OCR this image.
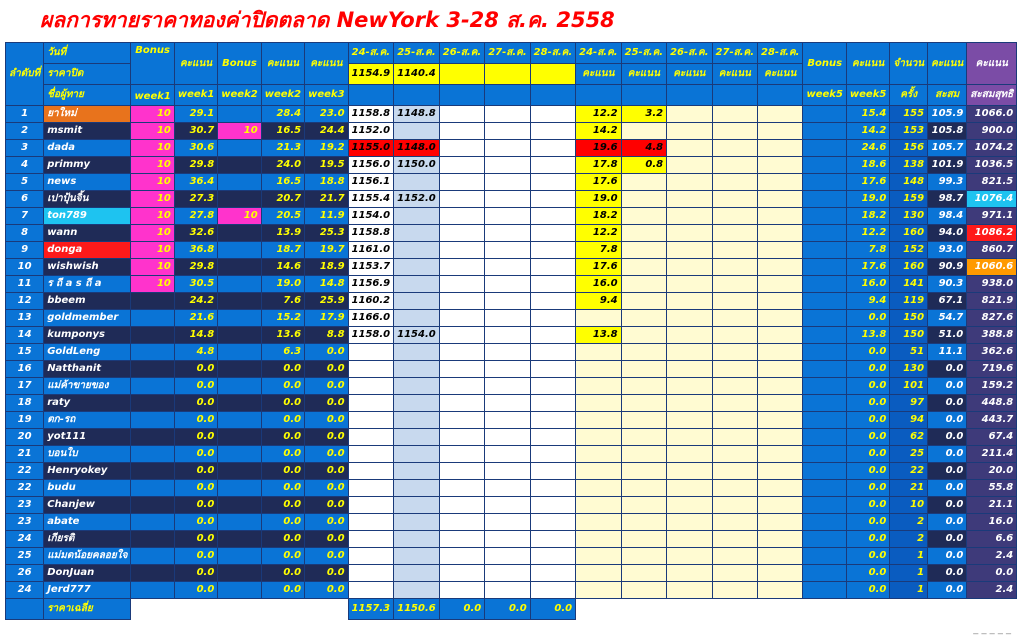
ผลการทายราคาทองค่าปิดตลาด NewYork 3-28 ส.ค. 2558
ลำดับที่	วันที่	Bonus	คะแนน	Bonus	คะแนน	คะแนน	24-ส.ค.	25-ส.ค.	26-ส.ค.	27-ส.ค.	28-ส.ค.	24-ส.ค.	25-ส.ค.	26-ส.ค.	27-ส.ค.	28-ส.ค.	Bonus	คะแนน	จำนวน	คะแนน	คะแนน
	ราคาปิด						1154.9	1140.4				คะแนน	คะแนน	คะแนน	คะแนน	คะแนน					
	ชื่อผู้ทาย	week1	week1	week2	week2	week3											week5	week5	ครั้ง	สะสม	สะสมสุทธิ
1	ยาใหม่	10	29.1		28.4	23.0	1158.8	1148.8				12.2	3.2					15.4	155	105.9	1066.0
2	msmit	10	30.7	10	16.5	24.4	1152.0					14.2						14.2	153	105.8	900.0
3	dada	10	30.6		21.3	19.2	1155.0	1148.0				19.6	4.8					24.6	156	105.7	1074.2
4	primmy	10	29.8		24.0	19.5	1156.0	1150.0				17.8	0.8					18.6	138	101.9	1036.5
5	news	10	36.4		16.5	18.8	1156.1					17.6						17.6	148	99.3	821.5
6	เปาปุ้นจิ้น	10	27.3		20.7	21.7	1155.4	1152.0				19.0						19.0	159	98.7	1076.4
7	ton789	10	27.8	10	20.5	11.9	1154.0					18.2						18.2	130	98.4	971.1
8	wann	10	32.6		13.9	25.3	1158.8					12.2						12.2	160	94.0	1086.2
9	donga	10	36.8		18.7	19.7	1161.0					7.8						7.8	152	93.0	860.7
10	wishwish	10	29.8		14.6	18.9	1153.7					17.6						17.6	160	90.9	1060.6
11	ร ถี a s ถี a	10	30.5		19.0	14.8	1156.9					16.0						16.0	141	90.3	938.0
12	bbeem		24.2		7.6	25.9	1160.2					9.4						9.4	119	67.1	821.9
13	goldmember		21.6		15.2	17.9	1166.0											0.0	150	54.7	827.6
14	kumponys		14.8		13.6	8.8	1158.0	1154.0				13.8						13.8	150	51.0	388.8
15	GoldLeng		4.8		6.3	0.0												0.0	51	11.1	362.6
16	Natthanit		0.0		0.0	0.0												0.0	130	0.0	719.6
17	แม่ค้าขายของ		0.0		0.0	0.0												0.0	101	0.0	159.2
18	raty		0.0		0.0	0.0												0.0	97	0.0	448.8
19	ตก-รถ		0.0		0.0	0.0												0.0	94	0.0	443.7
20	yot111		0.0		0.0	0.0												0.0	62	0.0	67.4
21	บอนใบ		0.0		0.0	0.0												0.0	25	0.0	211.4
22	Henryokey		0.0		0.0	0.0												0.0	22	0.0	20.0
22	budu		0.0		0.0	0.0												0.0	21	0.0	55.8
23	Chanjew		0.0		0.0	0.0												0.0	10	0.0	21.1
23	abate		0.0		0.0	0.0												0.0	2	0.0	16.0
24	เกียรติ		0.0		0.0	0.0												0.0	2	0.0	6.6
25	แม่มดน้อยคลอยใจ		0.0		0.0	0.0												0.0	1	0.0	2.4
26	DonJuan		0.0		0.0	0.0												0.0	1	0.0	0.0
24	Jerd777		0.0		0.0	0.0												0.0	1	0.0	2.4
	ราคาเฉลี่ย						1157.3	1150.6	0.0	0.0	0.0										
_ _ _ _ _
